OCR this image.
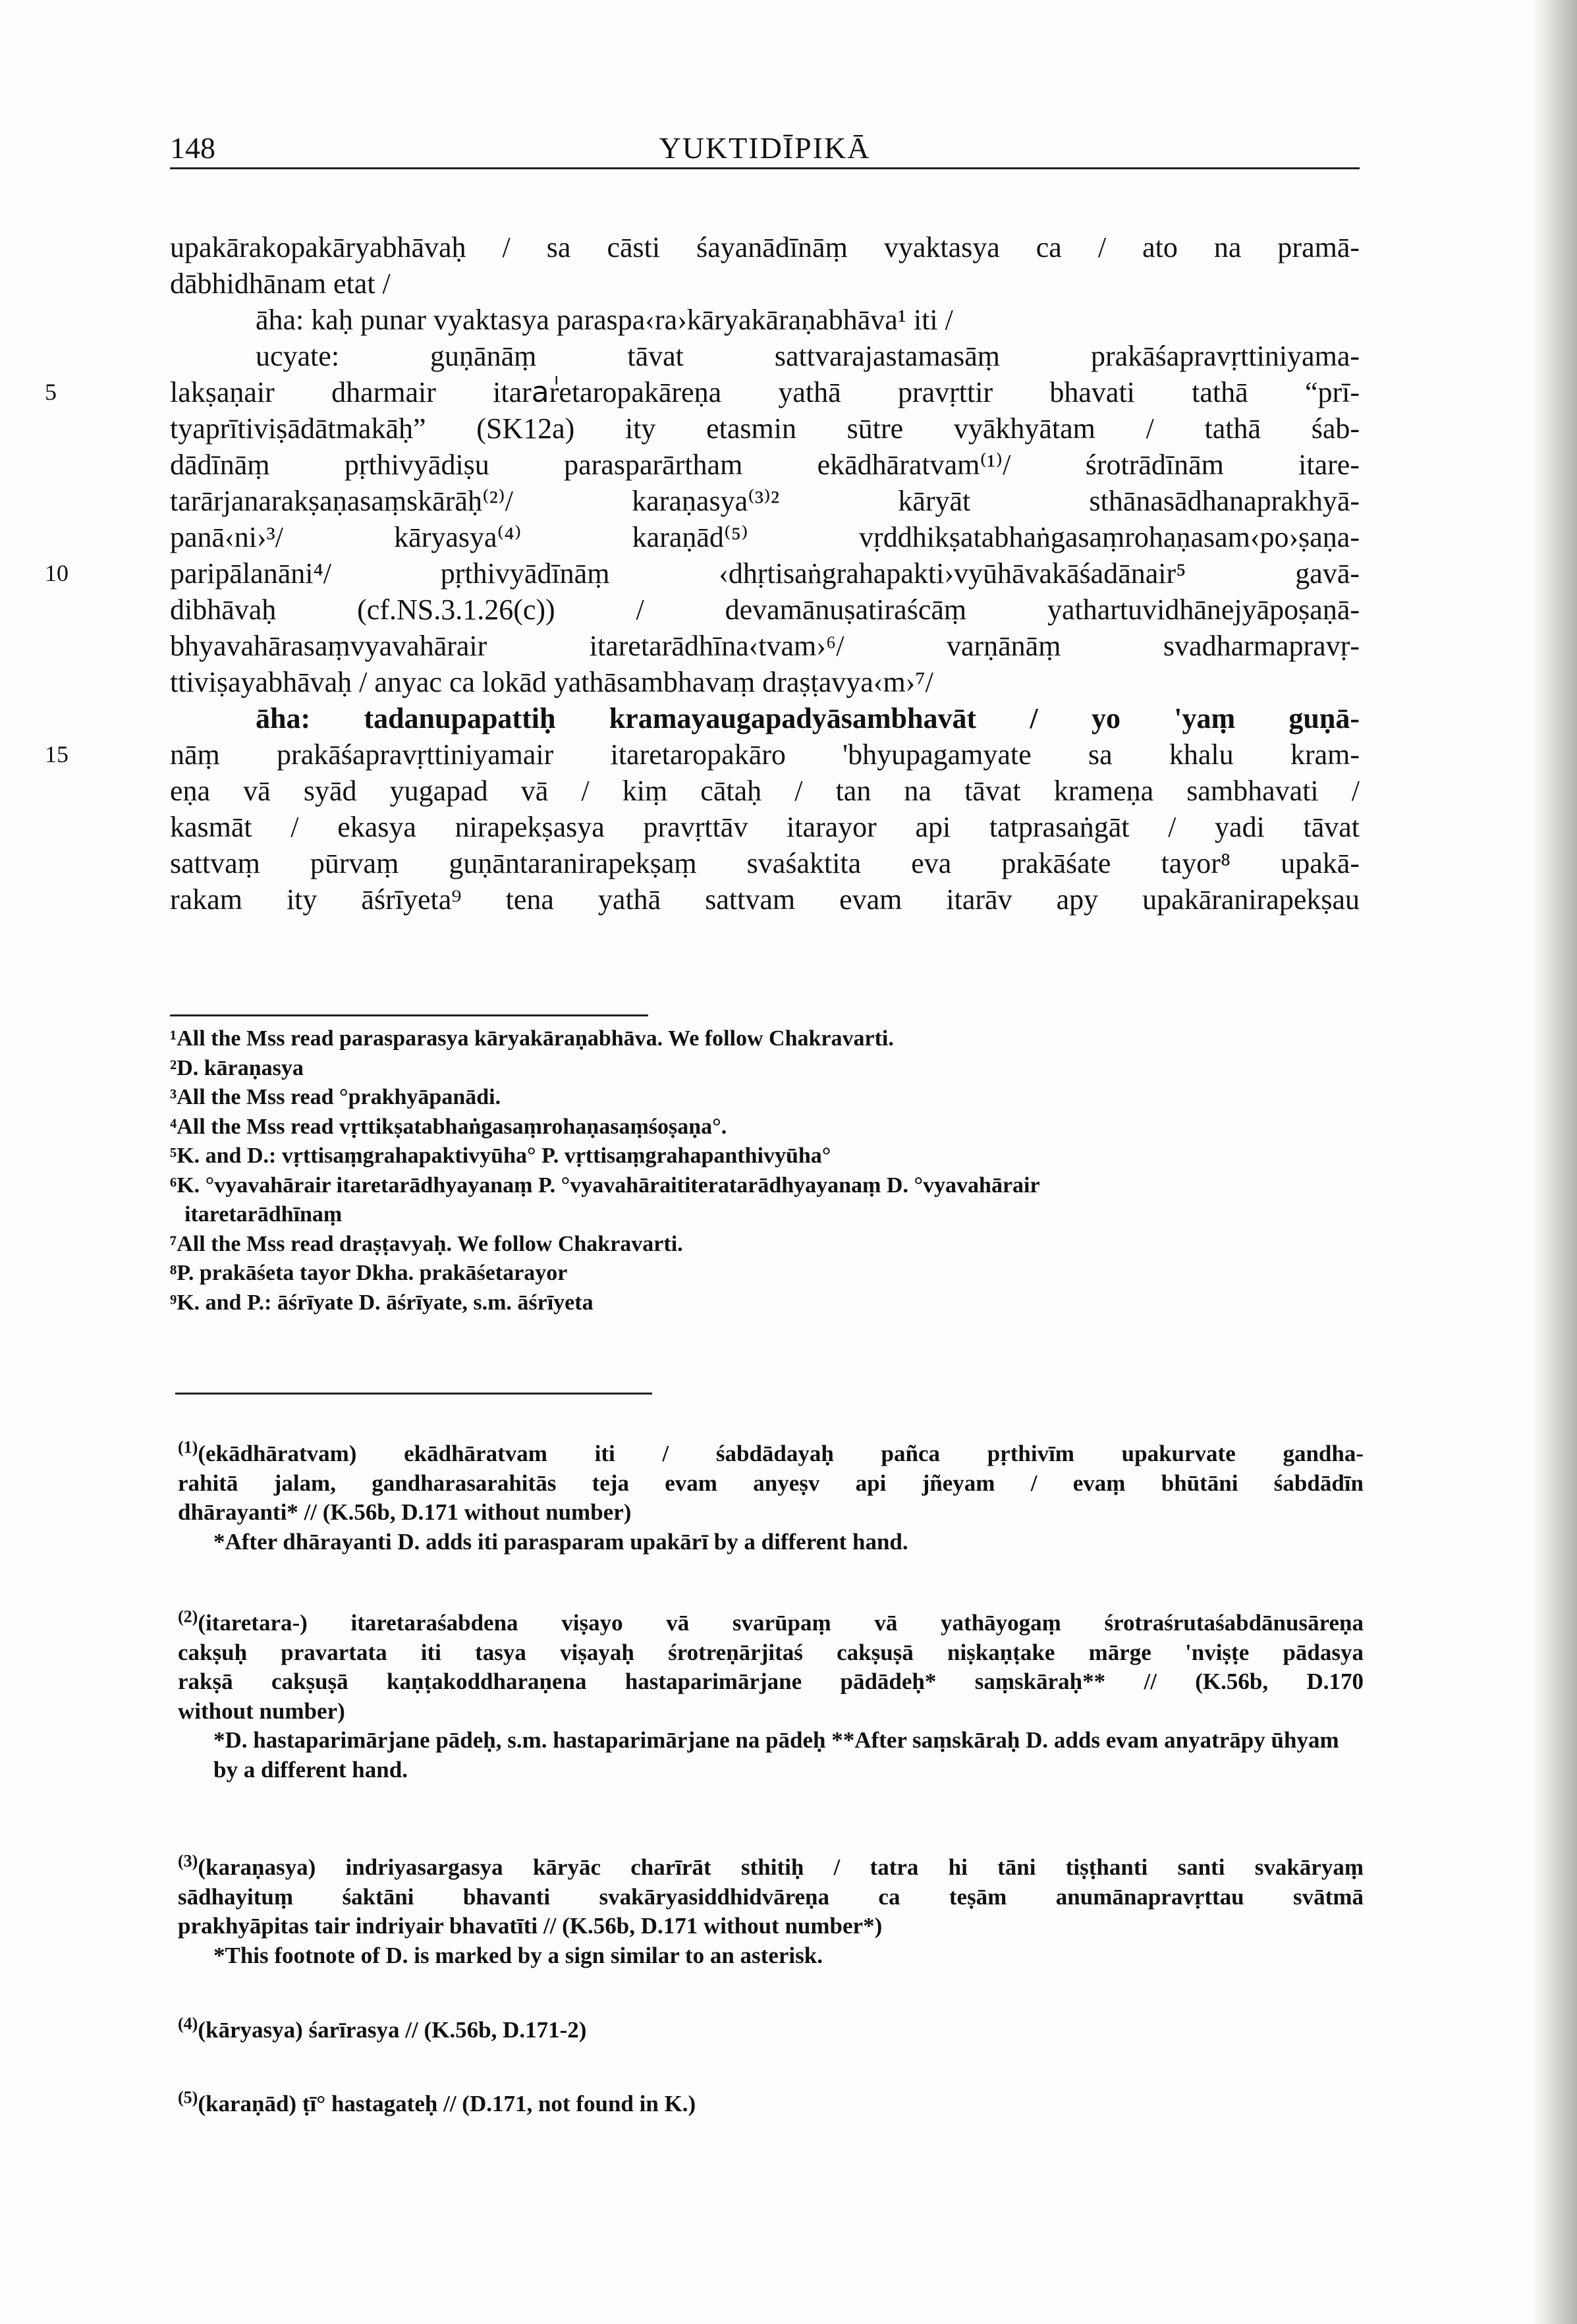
148	YUKTIDĪPIKĀ
upakārakopakāryabhāvaḥ / sa cāsti śayanādīnāṃ vyaktasya ca / ato na pramā-
dābhidhānam etat /
āha: kaḥ punar vyaktasya paraspa‹ra›kāryakāraṇabhāva¹ iti /
ucyate: guṇānāṃ tāvat sattvarajastamasāṃ prakāśapravṛttiniyama-
5	lakṣaṇair dharmair itaraٰretaropakāreṇa yathā pravṛttir bhavati tathā “prī-
tyaprītiviṣādātmakāḥ” (SK12a) ity etasmin sūtre vyākhyātam / tathā śab-
dādīnāṃ pṛthivyādiṣu parasparārtham ekādhāratvam⁽¹⁾/ śrotrādīnām itare-
tarārjanarakṣaṇasaṃskārāḥ⁽²⁾/ karaṇasya⁽³⁾² kāryāt sthānasādhanaprakhyā-
panā‹ni›³/ kāryasya⁽⁴⁾ karaṇād⁽⁵⁾ vṛddhikṣatabhaṅgasaṃrohaṇasam‹po›ṣaṇa-
10	paripālanāni⁴/ pṛthivyādīnāṃ ‹dhṛtisaṅgrahapakti›vyūhāvakāśadānair⁵ gavā-
dibhāvaḥ (cf.NS.3.1.26(c)) / devamānuṣatiraścāṃ yathartuvidhānejyāpoṣaṇā-
bhyavahārasaṃvyavahārair itaretarādhīna‹tvam›⁶/ varṇānāṃ svadharmapravṛ-
ttiviṣayabhāvaḥ / anyac ca lokād yathāsambhavaṃ draṣṭavya‹m›⁷/
āha: tadanupapattiḥ kramayaugapadyāsambhavāt / yo 'yaṃ guṇā-
15	nāṃ prakāśapravṛttiniyamair itaretaropakāro 'bhyupagamyate sa khalu kram-
eṇa vā syād yugapad vā / kiṃ cātaḥ / tan na tāvat krameṇa sambhavati /
kasmāt / ekasya nirapekṣasya pravṛttāv itarayor api tatprasaṅgāt / yadi tāvat
sattvaṃ pūrvaṃ guṇāntaranirapekṣaṃ svaśaktita eva prakāśate tayor⁸ upakā-
rakam ity āśrīyeta⁹ tena yathā sattvam evam itarāv apy upakāranirapekṣau
¹All the Mss read parasparasya kāryakāraṇabhāva. We follow Chakravarti.
²D. kāraṇasya
³All the Mss read °prakhyāpanādi.
⁴All the Mss read vṛttikṣatabhaṅgasaṃrohaṇasaṃśoṣaṇa°.
⁵K. and D.: vṛttisaṃgrahapaktivyūha° P. vṛttisaṃgrahapanthivyūha°
⁶K. °vyavahārair itaretarādhyayanaṃ P. °vyavahāraititeratarādhyayanaṃ D. °vyavahārair
itaretarādhīnaṃ
⁷All the Mss read draṣṭavyaḥ. We follow Chakravarti.
⁸P. prakāśeta tayor Dkha. prakāśetarayor
⁹K. and P.: āśrīyate D. āśrīyate, s.m. āśrīyeta
$^{(1)}$(ekādhāratvam) ekādhāratvam iti / śabdādayaḥ pañca pṛthivīm upakurvate gandha-
rahitā jalam, gandharasarahitās teja evam anyeṣv api jñeyam / evaṃ bhūtāni śabdādīn
dhārayanti* // (K.56b, D.171 without number)
*After dhārayanti D. adds iti parasparam upakārī by a different hand.
$^{(2)}$(itaretara-) itaretaraśabdena viṣayo vā svarūpaṃ vā yathāyogaṃ śrotraśrutaśabdānusāreṇa
cakṣuḥ pravartata iti tasya viṣayaḥ śrotreṇārjitaś cakṣuṣā niṣkaṇṭake mārge 'nviṣṭe pādasya
rakṣā cakṣuṣā kaṇṭakoddharaṇena hastaparimārjane pādādeḥ* saṃskāraḥ** // (K.56b, D.170
without number)
*D. hastaparimārjane pādeḥ, s.m. hastaparimārjane na pādeḥ **After saṃskāraḥ D. adds evam anyatrāpy ūhyam by a different hand.
$^{(3)}$(karaṇasya) indriyasargasya kāryāc charīrāt sthitiḥ / tatra hi tāni tiṣṭhanti santi svakāryaṃ
sādhayituṃ śaktāni bhavanti svakāryasiddhidvāreṇa ca teṣām anumānapravṛttau svātmā
prakhyāpitas tair indriyair bhavatīti // (K.56b, D.171 without number*)
*This footnote of D. is marked by a sign similar to an asterisk.
$^{(4)}$(kāryasya) śarīrasya // (K.56b, D.171-2)
$^{(5)}$(karaṇād) ṭī° hastagateḥ // (D.171, not found in K.)
